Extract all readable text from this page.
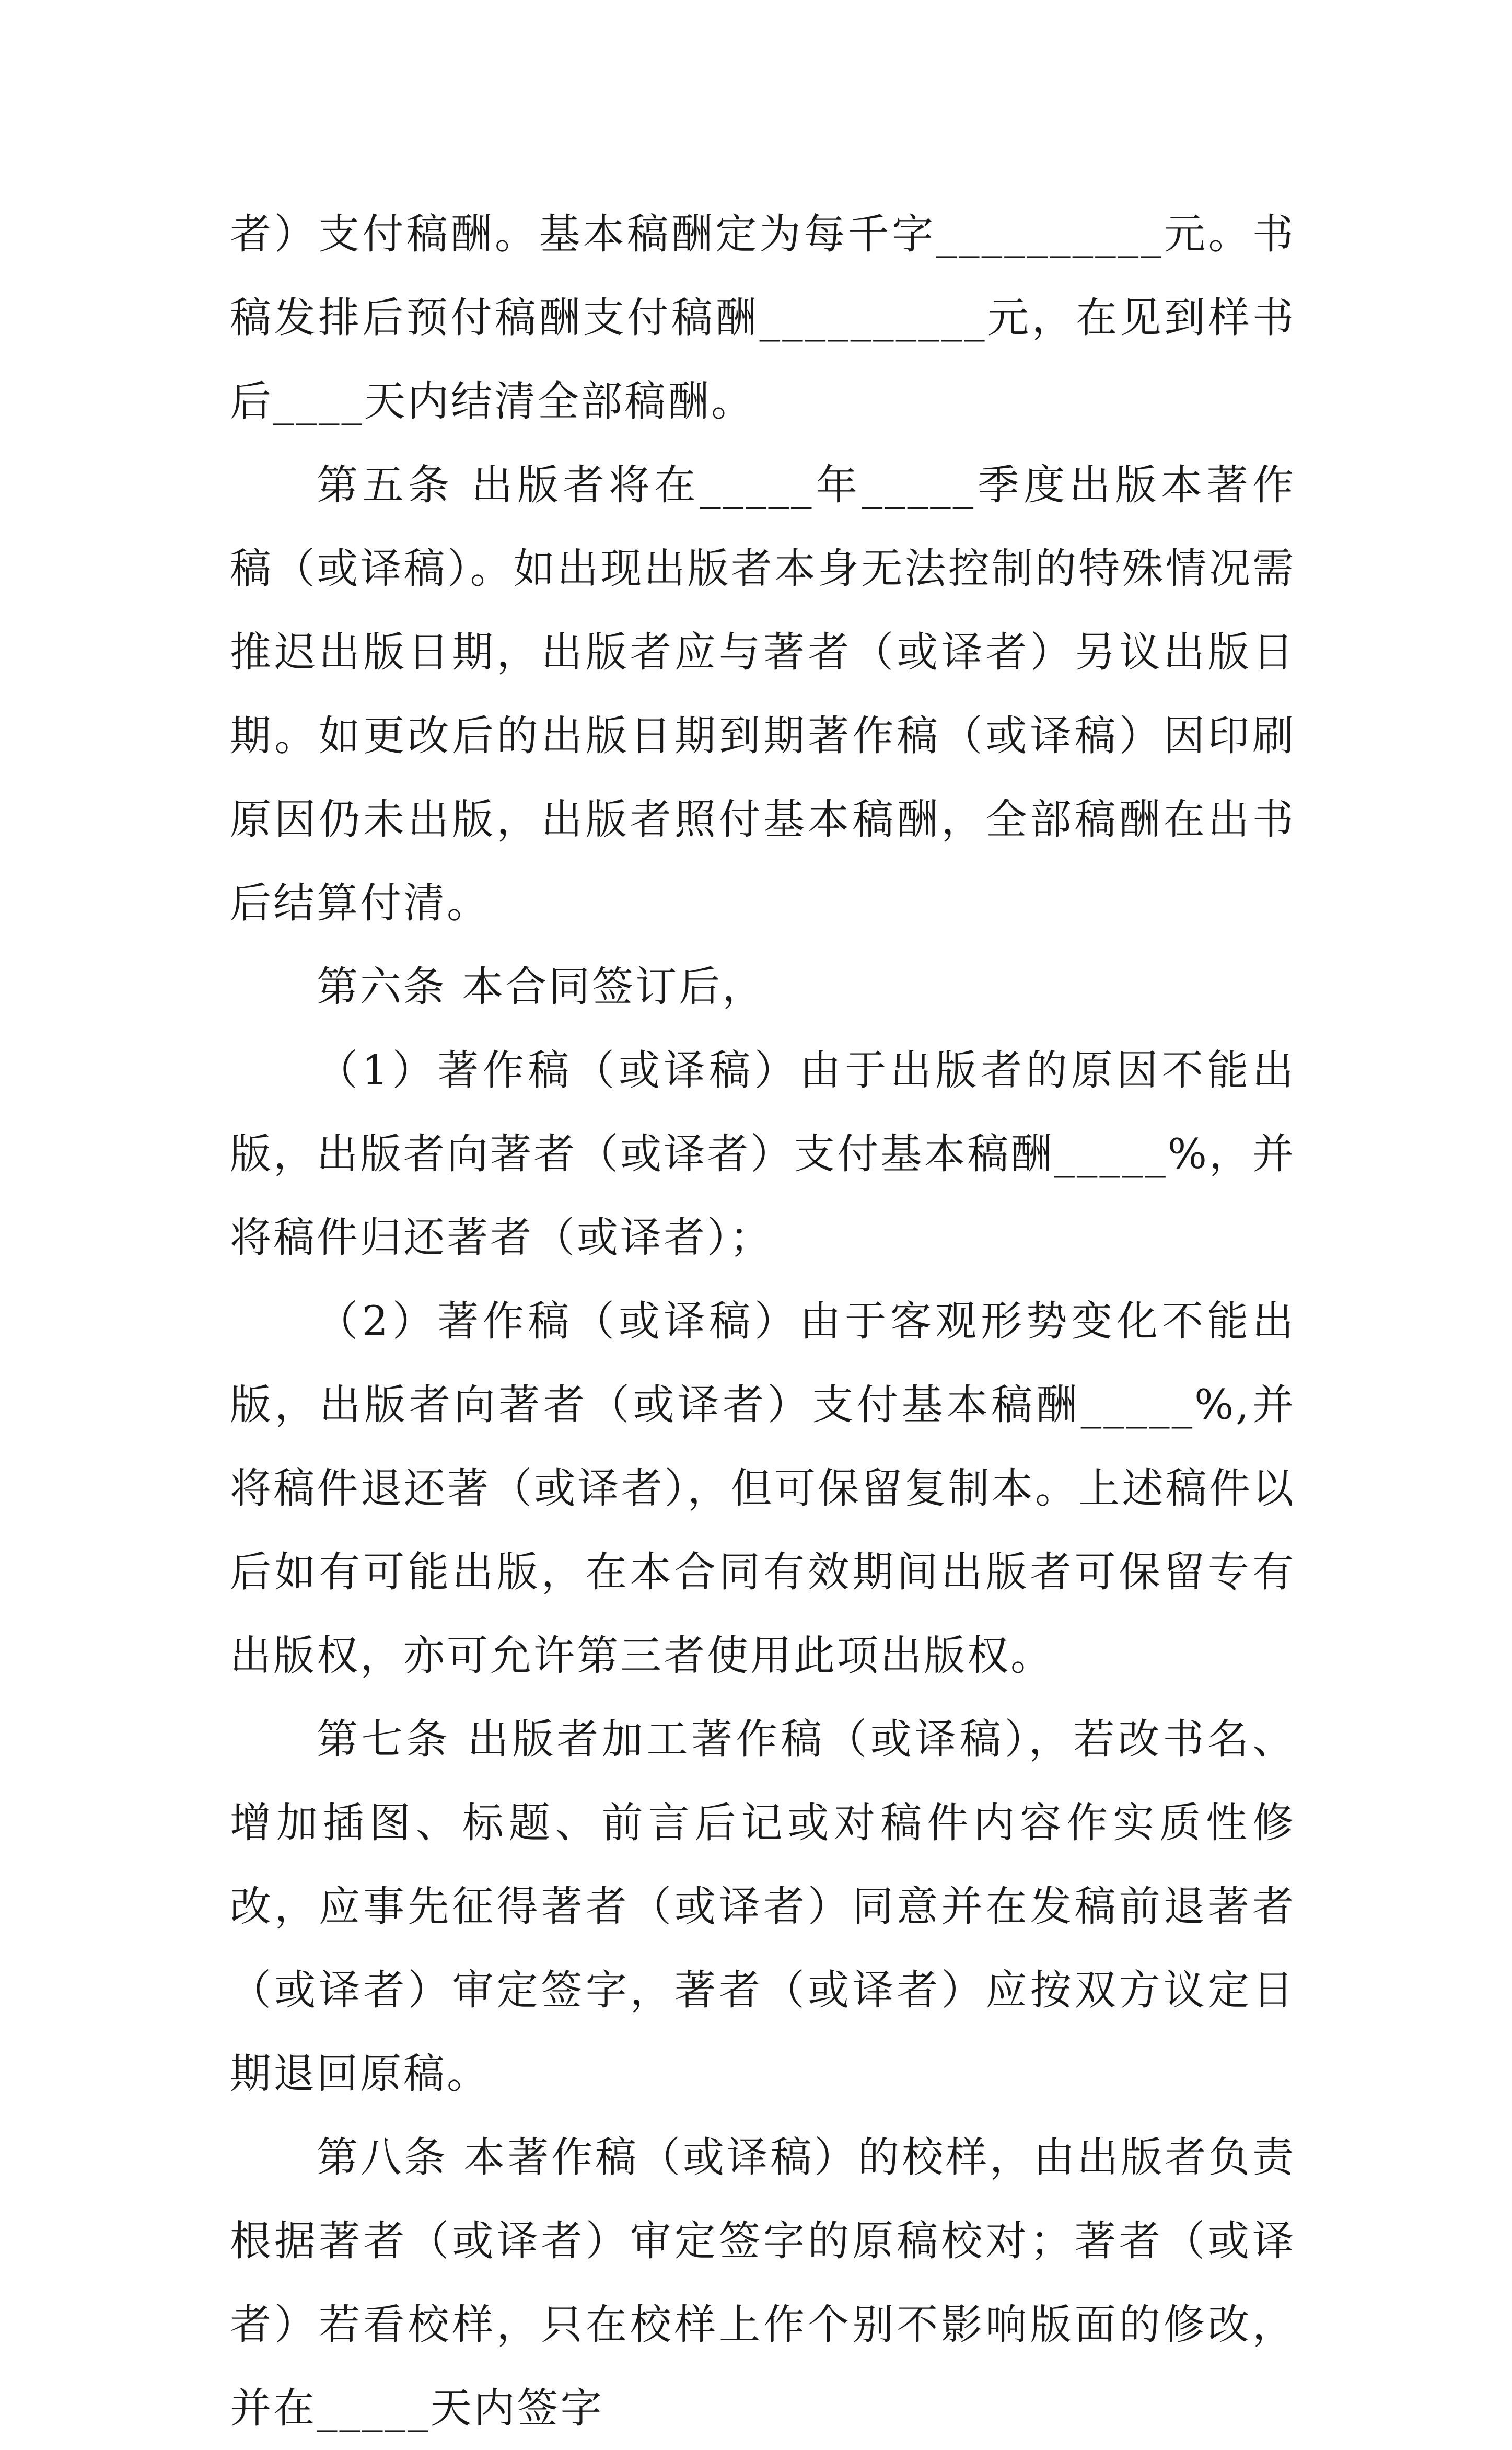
者）支付稿酬。基本稿酬定为每千字__________元。书稿发排后预付稿酬支付稿酬__________元，在见到样书后____天内结清全部稿酬。

第五条 出版者将在_____年_____季度出版本著作稿（或译稿）。如出现出版者本身无法控制的特殊情况需推迟出版日期，出版者应与著者（或译者）另议出版日期。如更改后的出版日期到期著作稿（或译稿）因印刷原因仍未出版，出版者照付基本稿酬，全部稿酬在出书后结算付清。

第六条 本合同签订后，

（1）著作稿（或译稿）由于出版者的原因不能出版，出版者向著者（或译者）支付基本稿酬_____%，并将稿件归还著者（或译者）；

（2）著作稿（或译稿）由于客观形势变化不能出版，出版者向著者（或译者）支付基本稿酬_____%,并将稿件退还著（或译者），但可保留复制本。上述稿件以后如有可能出版，在本合同有效期间出版者可保留专有出版权，亦可允许第三者使用此项出版权。

第七条 出版者加工著作稿（或译稿），若改书名、增加插图、标题、前言后记或对稿件内容作实质性修改，应事先征得著者（或译者）同意并在发稿前退著者（或译者）审定签字，著者（或译者）应按双方议定日期退回原稿。

第八条 本著作稿（或译稿）的校样，由出版者负责根据著者（或译者）审定签字的原稿校对；著者（或译者）若看校样，只在校样上作个别不影响版面的修改，并在_____天内签字
